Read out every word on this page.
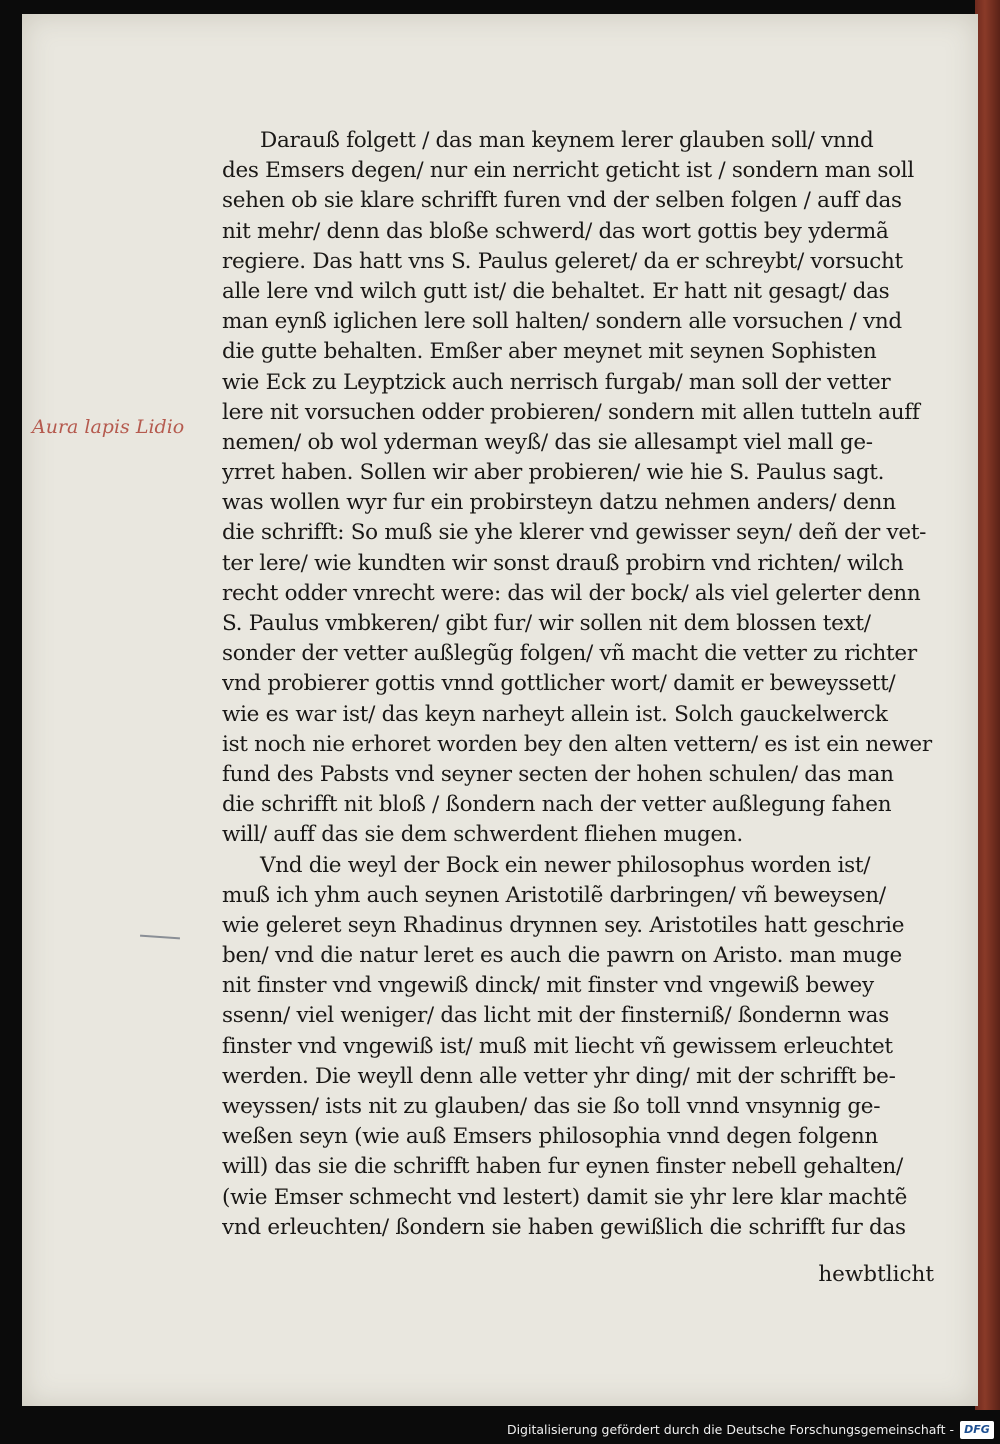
Aura lapis Lidio
Darauß folgett / das man keynem lerer glauben soll/ vnnd
des Emsers degen/ nur ein nerricht geticht ist / sondern man soll
sehen ob sie klare schrifft furen vnd der selben folgen / auff das
nit mehr/ denn das bloße schwerd/ das wort gottis bey ydermã
regiere. Das hatt vns S. Paulus geleret/ da er schreybt/ vorsucht
alle lere vnd wilch gutt ist/ die behaltet. Er hatt nit gesagt/ das
man eynß iglichen lere soll halten/ sondern alle vorsuchen / vnd
die gutte behalten. Emßer aber meynet mit seynen Sophisten
wie Eck zu Leyptzick auch nerrisch furgab/ man soll der vetter
lere nit vorsuchen odder probieren/ sondern mit allen tutteln auff
nemen/ ob wol yderman weyß/ das sie allesampt viel mall ge-
yrret haben. Sollen wir aber probieren/ wie hie S. Paulus sagt.
was wollen wyr fur ein probirsteyn datzu nehmen anders/ denn
die schrifft: So muß sie yhe klerer vnd gewisser seyn/ deñ der vet-
ter lere/ wie kundten wir sonst drauß probirn vnd richten/ wilch
recht odder vnrecht were: das wil der bock/ als viel gelerter denn
S. Paulus vmbkeren/ gibt fur/ wir sollen nit dem blossen text/
sonder der vetter außlegũg folgen/ vñ macht die vetter zu richter
vnd probierer gottis vnnd gottlicher wort/ damit er beweyssett/
wie es war ist/ das keyn narheyt allein ist. Solch gauckelwerck
ist noch nie erhoret worden bey den alten vettern/ es ist ein newer
fund des Pabsts vnd seyner secten der hohen schulen/ das man
die schrifft nit bloß / ßondern nach der vetter außlegung fahen
will/ auff das sie dem schwerdent fliehen mugen.
Vnd die weyl der Bock ein newer philosophus worden ist/
muß ich yhm auch seynen Aristotilẽ darbringen/ vñ beweysen/
wie geleret seyn Rhadinus drynnen sey. Aristotiles hatt geschrie
ben/ vnd die natur leret es auch die pawrn on Aristo. man muge
nit finster vnd vngewiß dinck/ mit finster vnd vngewiß bewey
ssenn/ viel weniger/ das licht mit der finsterniß/ ßondernn was
finster vnd vngewiß ist/ muß mit liecht vñ gewissem erleuchtet
werden. Die weyll denn alle vetter yhr ding/ mit der schrifft be-
weyssen/ ists nit zu glauben/ das sie ßo toll vnnd vnsynnig ge-
weßen seyn (wie auß Emsers philosophia vnnd degen folgenn
will) das sie die schrifft haben fur eynen finster nebell gehalten/
(wie Emser schmecht vnd lestert) damit sie yhr lere klar machtẽ
vnd erleuchten/ ßondern sie haben gewißlich die schrifft fur das
hewbtlicht
Digitalisierung gefördert durch die Deutsche Forschungsgemeinschaft - DFG
